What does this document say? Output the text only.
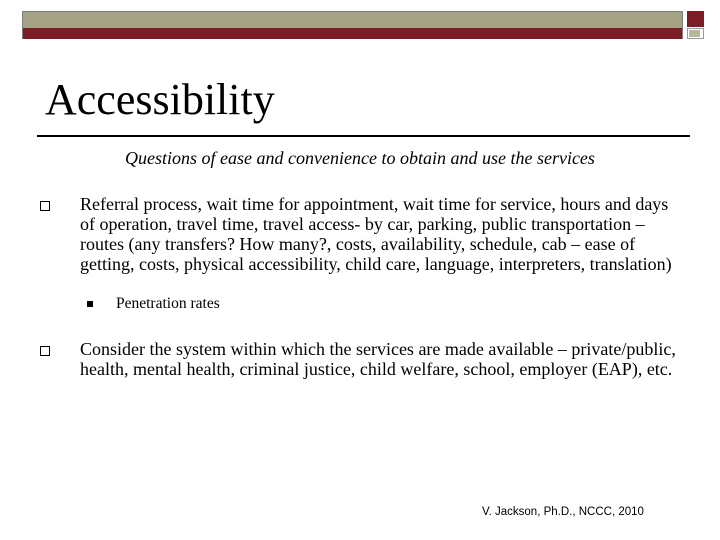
Accessibility

Questions of ease and convenience to obtain and use the services

Referral process, wait time for appointment, wait time for service, hours and days of operation, travel time, travel access- by car, parking, public transportation – routes (any transfers? How many?, costs, availability, schedule, cab – ease of getting, costs, physical accessibility, child care, language, interpreters, translation)

Penetration rates

Consider the system within which the services are made available – private/public, health, mental health, criminal justice, child welfare, school, employer (EAP), etc.

V. Jackson, Ph.D., NCCC, 2010
